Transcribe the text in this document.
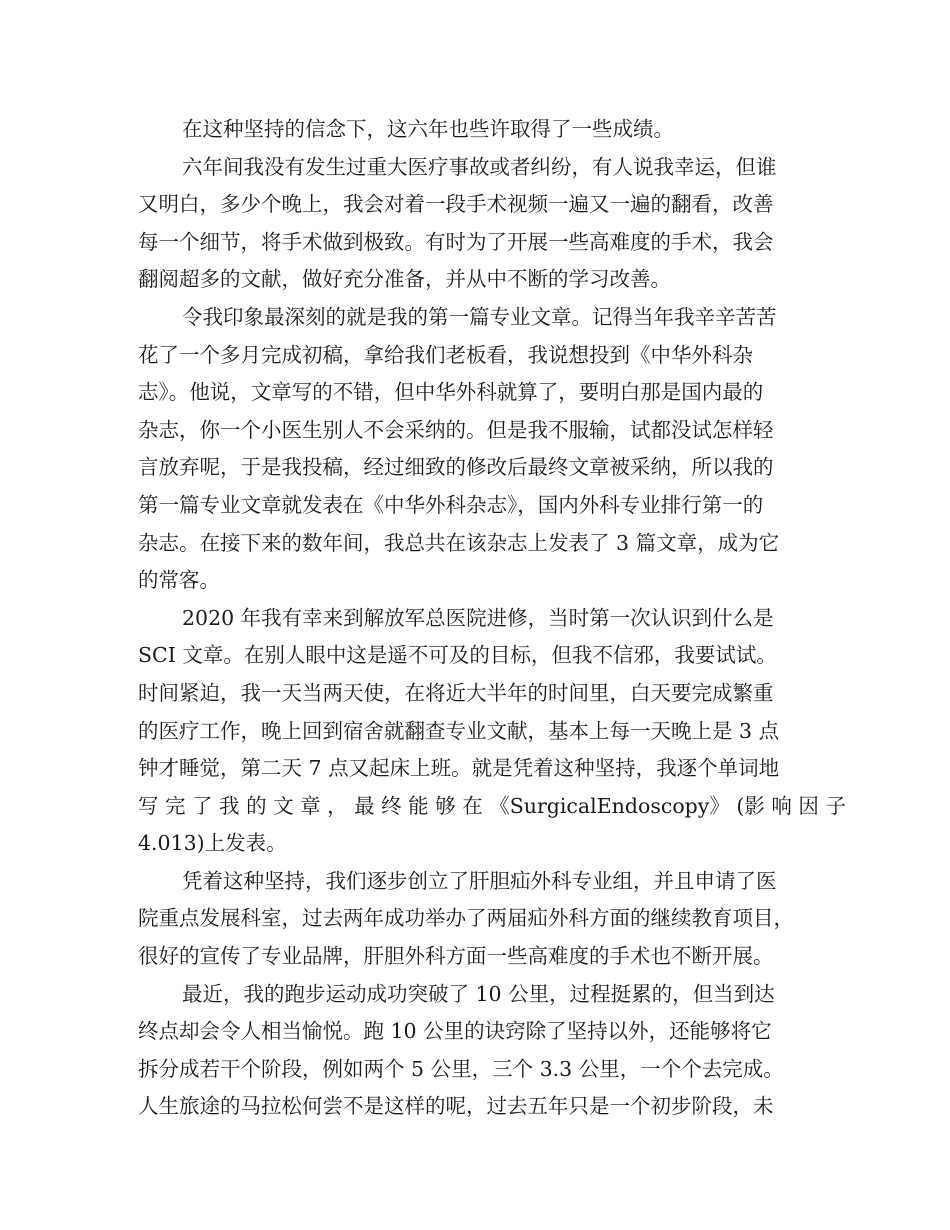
在这种坚持的信念下，这六年也些许取得了一些成绩。
六年间我没有发生过重大医疗事故或者纠纷，有人说我幸运，但谁
又明白，多少个晚上，我会对着一段手术视频一遍又一遍的翻看，改善
每一个细节，将手术做到极致。有时为了开展一些高难度的手术，我会
翻阅超多的文献，做好充分准备，并从中不断的学习改善。
令我印象最深刻的就是我的第一篇专业文章。记得当年我辛辛苦苦
花了一个多月完成初稿，拿给我们老板看，我说想投到《中华外科杂
志》。他说，文章写的不错，但中华外科就算了，要明白那是国内最的
杂志，你一个小医生别人不会采纳的。但是我不服输，试都没试怎样轻
言放弃呢，于是我投稿，经过细致的修改后最终文章被采纳，所以我的
第一篇专业文章就发表在《中华外科杂志》，国内外科专业排行第一的
杂志。在接下来的数年间，我总共在该杂志上发表了 3 篇文章，成为它
的常客。
2020 年我有幸来到解放军总医院进修，当时第一次认识到什么是
SCI 文章。在别人眼中这是遥不可及的目标，但我不信邪，我要试试。
时间紧迫，我一天当两天使，在将近大半年的时间里，白天要完成繁重
的医疗工作，晚上回到宿舍就翻查专业文献，基本上每一天晚上是 3 点
钟才睡觉，第二天 7 点又起床上班。就是凭着这种坚持，我逐个单词地
写 完 了 我 的 文 章 ， 最 终 能 够 在 《SurgicalEndoscopy》 (影 响 因 子
4.013)上发表。
凭着这种坚持，我们逐步创立了肝胆疝外科专业组，并且申请了医
院重点发展科室，过去两年成功举办了两届疝外科方面的继续教育项目，
很好的宣传了专业品牌，肝胆外科方面一些高难度的手术也不断开展。
最近，我的跑步运动成功突破了 10 公里，过程挺累的，但当到达
终点却会令人相当愉悦。跑 10 公里的诀窍除了坚持以外，还能够将它
拆分成若干个阶段，例如两个 5 公里，三个 3.3 公里，一个个去完成。
人生旅途的马拉松何尝不是这样的呢，过去五年只是一个初步阶段，未
